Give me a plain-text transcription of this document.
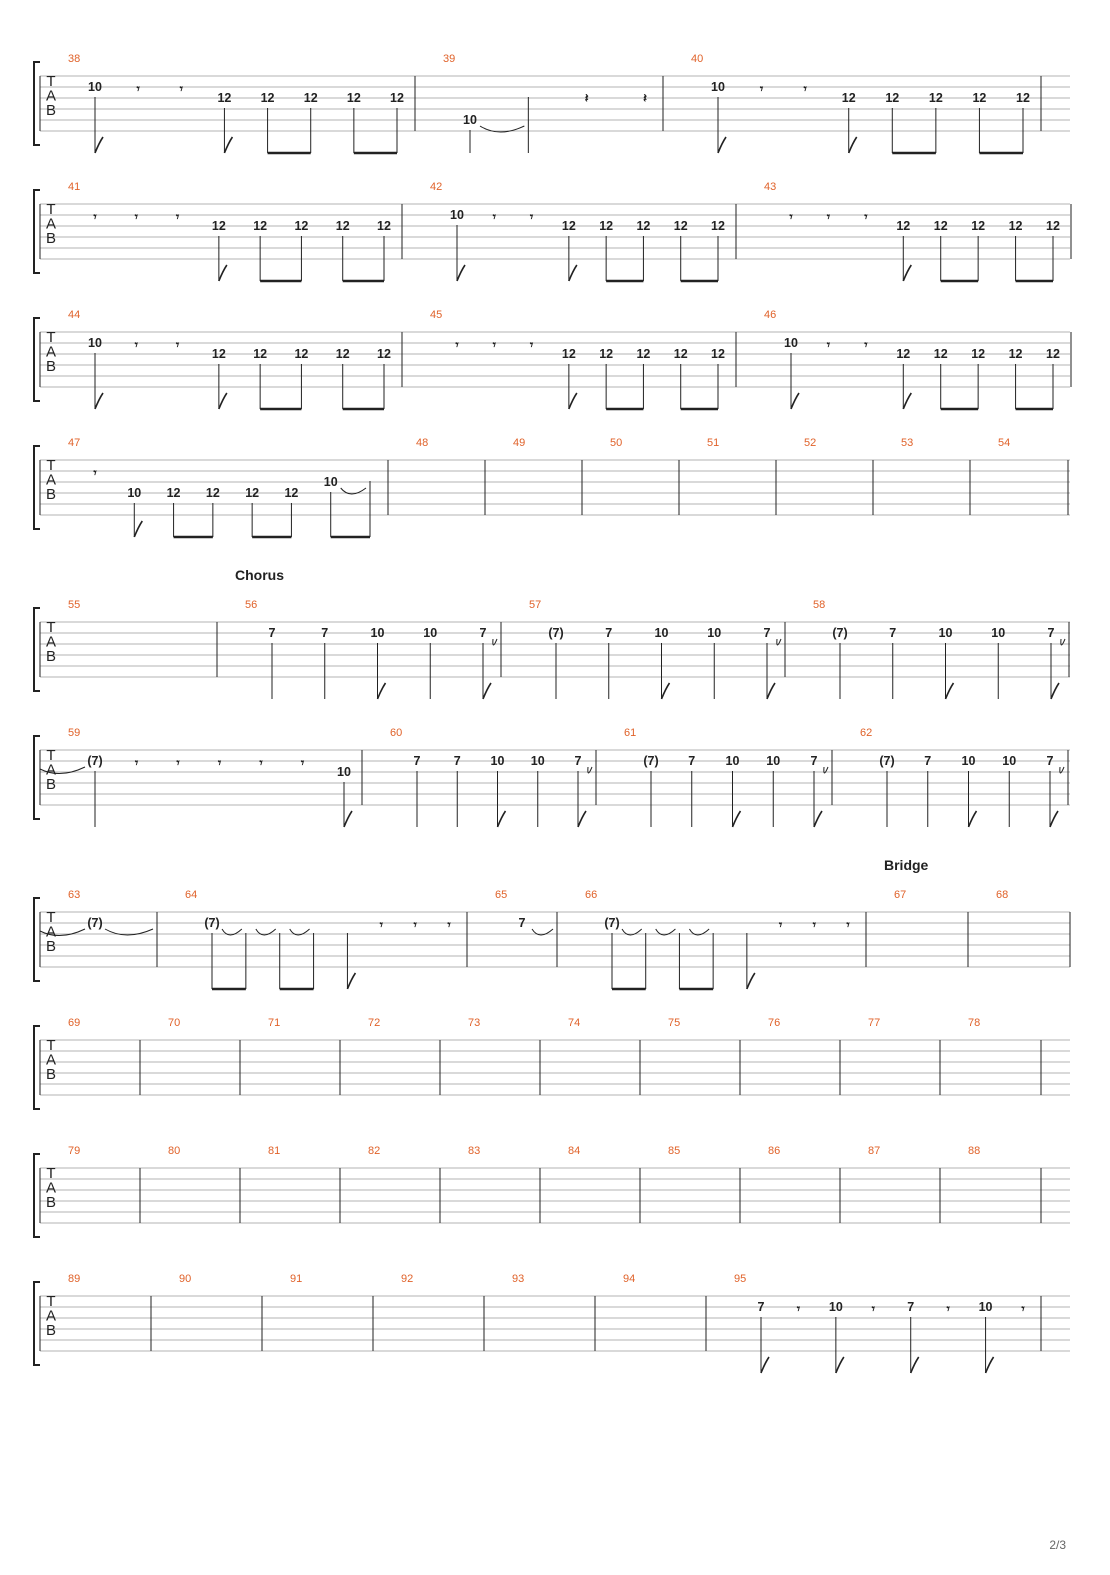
T
A
B
38
10	𝄾	𝄾
12 12 12 12 12
39
10
𝄽	𝄽
40
10	𝄾	𝄾
12 12 12 12 12
T
A
B
41
𝄾	𝄾	𝄾
12 12 12 12 12
42
10 𝄾	𝄾
12 12 12 12 12
43
𝄾	𝄾	𝄾
12 12 12 12 12
T
A
B
44
10	𝄾	𝄾
12 12 12 12 12
45
𝄾	𝄾	𝄾
12 12 12 12 12
46
10 𝄾	𝄾
12 12 12 12 12
T
A
B
47
𝄾
10 12 12 12 12
10
48	49	50	51	52	53	54
T
A
B
55	56
Chorus
7	7	10	10	7
57
(7)	7	10	10	7
58
(7)	7	10	10	7
T
A
B
59
(7)	𝄾	𝄾	𝄾	𝄾	𝄾
10
60
7	7 10 10 7
61
(7) 7 10 10 7
62
(7) 7 10 10 7
T
A
B
63
(7)
64
(7)	𝄾 𝄾 𝄾
65
7
66
(7)	𝄾 𝄾 𝄾
67
Bridge
68
T
A
B
69	70	71	72	73	74	75	76	77	78
T
A
B
79	80	81	82	83	84	85	86	87	88
T
A
B
89	90	91	92	93	94	95
7	𝄾 10 𝄾	7	𝄾 10 𝄾
2/3
